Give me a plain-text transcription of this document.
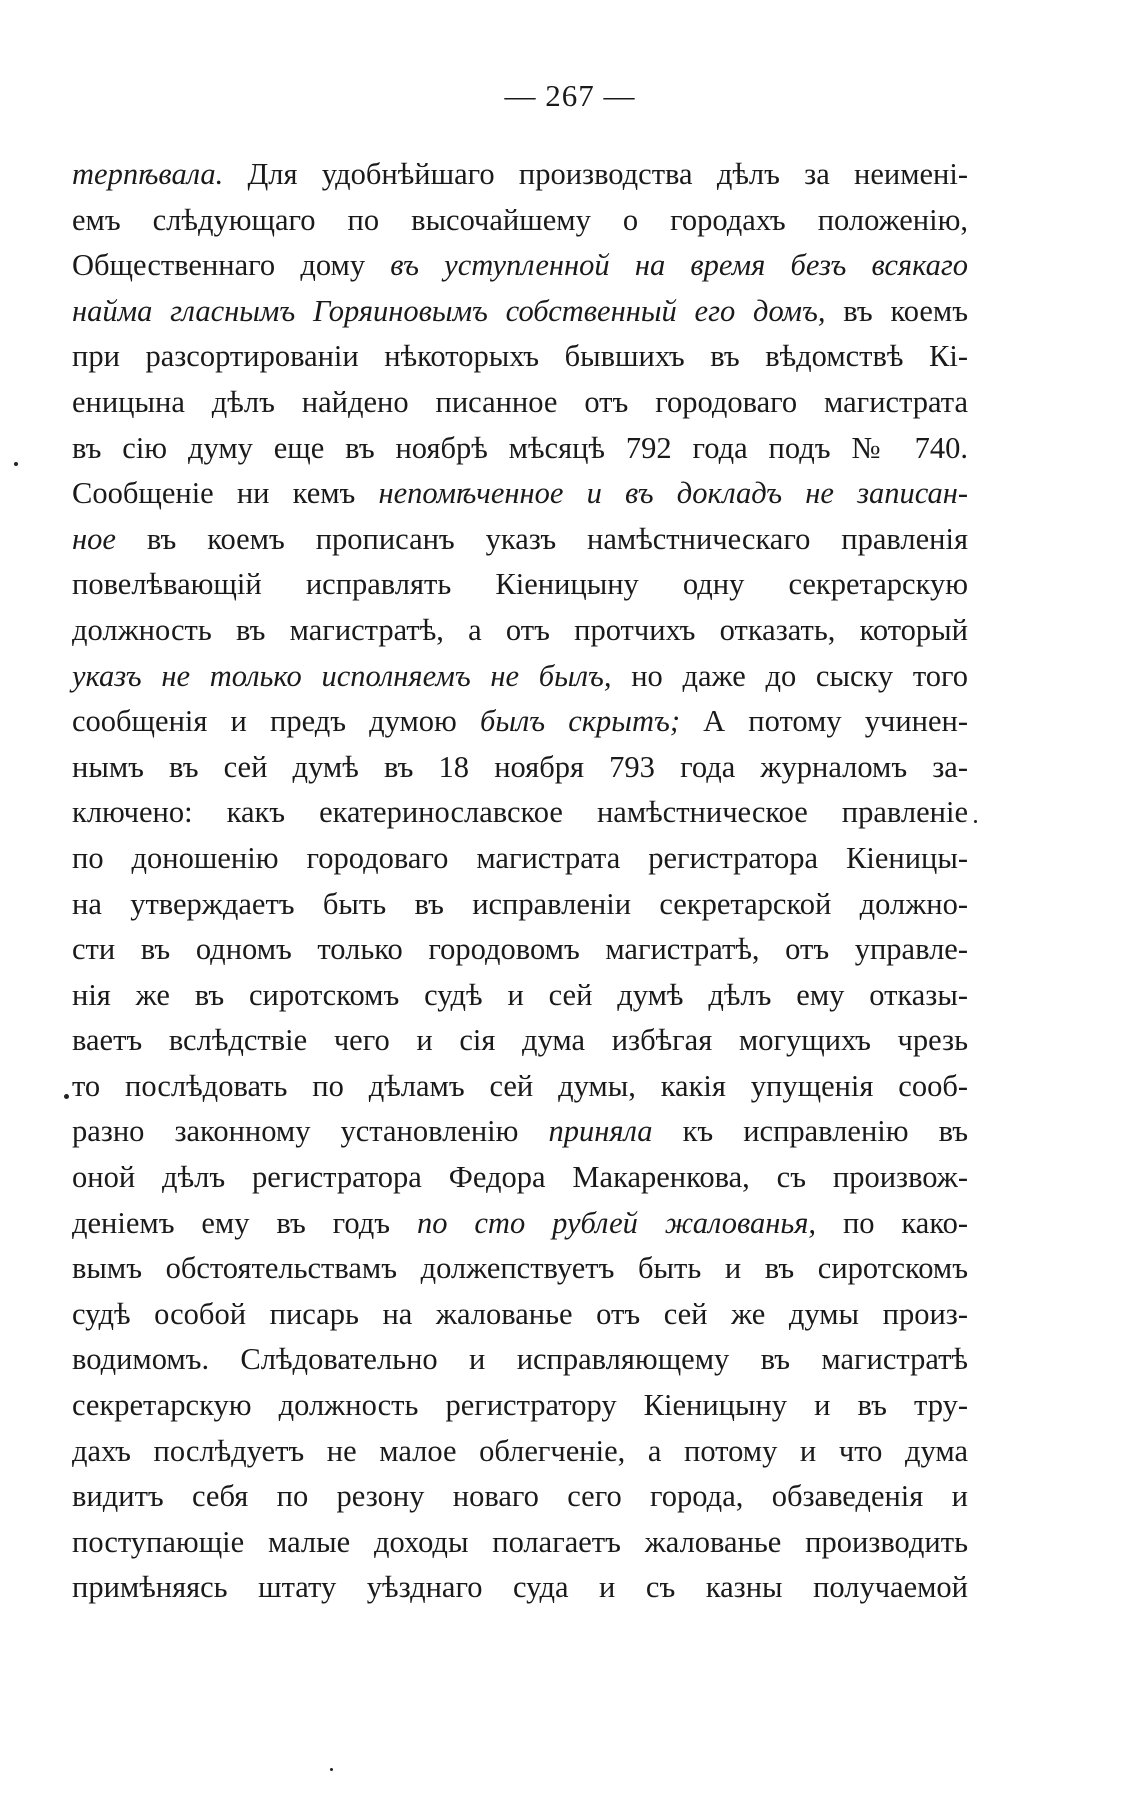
— 267 —
терпѣвала. Для удобнѣйшаго производства дѣлъ за неимені-
емъ слѣдующаго по высочайшему о городахъ положенію,
Общественнаго дому въ уступленной на время безъ всякаго
найма гласнымъ Горяиновымъ собственный его домъ, въ коемъ
при разсортированіи нѣкоторыхъ бывшихъ въ вѣдомствѣ Кі-
еницына дѣлъ найдено писанное отъ городоваго магистрата
въ сію думу еще въ ноябрѣ мѣсяцѣ 792 года подъ № 740.
Сообщеніе ни кемъ непомѣченное и въ докладъ не записан-
ное въ коемъ прописанъ указъ намѣстническаго правленія
повелѣвающій исправлять Кіеницыну одну секретарскую
должность въ магистратѣ, а отъ протчихъ отказать, который
указъ не только исполняемъ не былъ, но даже до сыску того
сообщенія и предъ думою былъ скрытъ; А потому учинен-
нымъ въ сей думѣ въ 18 ноября 793 года журналомъ за-
ключено: какъ екатеринославское намѣстническое правленіе
по доношенію городоваго магистрата регистратора Кіеницы-
на утверждаетъ быть въ исправленіи секретарской должно-
сти въ одномъ только городовомъ магистратѣ, отъ управле-
нія же въ сиротскомъ судѣ и сей думѣ дѣлъ ему отказы-
ваетъ вслѣдствіе чего и сія дума избѣгая могущихъ чрезь
то послѣдовать по дѣламъ сей думы, какія упущенія сооб-
разно законному установленію приняла къ исправленію въ
оной дѣлъ регистратора Федора Макаренкова, съ произвож-
деніемъ ему въ годъ по сто рублей жалованья, по како-
вымъ обстоятельствамъ должепствуетъ быть и въ сиротскомъ
судѣ особой писарь на жалованье отъ сей же думы произ-
водимомъ. Слѣдовательно и исправляющему въ магистратѣ
секретарскую должность регистратору Кіеницыну и въ тру-
дахъ послѣдуетъ не малое облегченіе, а потому и что дума
видитъ себя по резону новаго сего города, обзаведенія и
поступающіе малые доходы полагаетъ жалованье производить
примѣняясь штату уѣзднаго суда и съ казны получаемой
